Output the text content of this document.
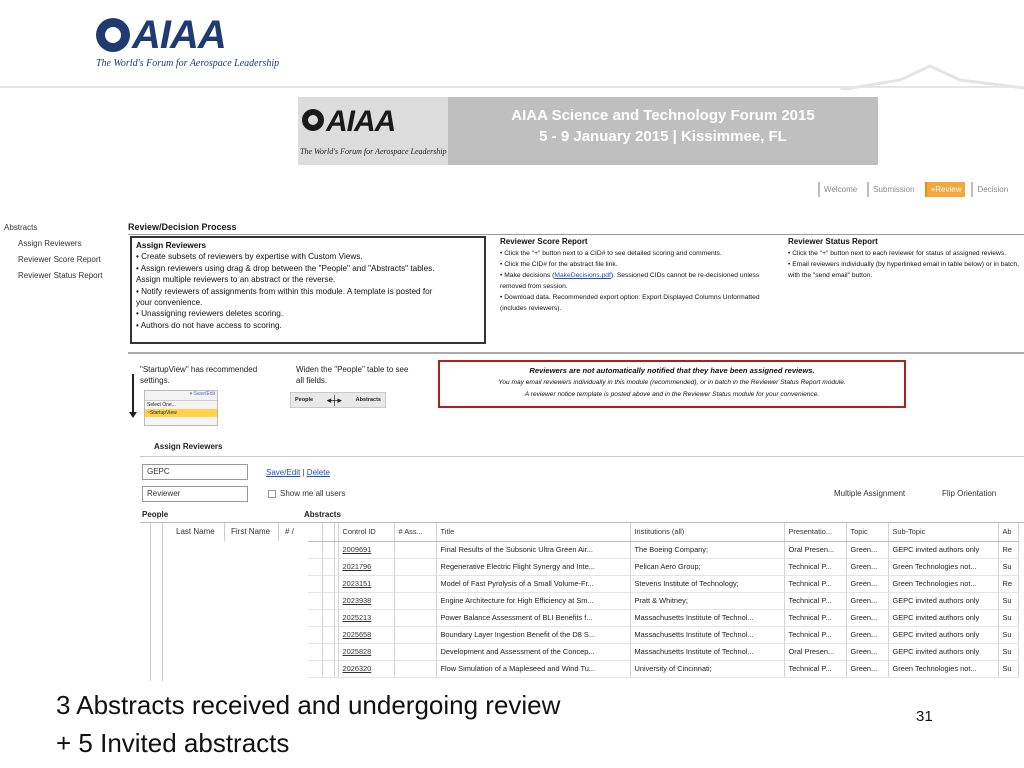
AIAA
The World's Forum for Aerospace Leadership
AIAA
The World's Forum for Aerospace Leadership
AIAA Science and Technology Forum 2015
5 - 9 January 2015 | Kissimmee, FL
Welcome	Submission	+Review	Decision
Abstracts
Assign Reviewers
Reviewer Score Report
Reviewer Status Report
Review/Decision Process
Assign Reviewers
• Create subsets of reviewers by expertise with Custom Views.
• Assign reviewers using drag & drop between the "People" and "Abstracts" tables.
Assign multiple reviewers to an abstract or the reverse.
• Notify reviewers of assignments from within this module. A template is posted for
your convenience.
• Unassigning reviewers deletes scoring.
• Authors do not have access to scoring.
Reviewer Score Report
• Click the "+" button next to a CID# to see detailed scoring and comments.
• Click the CID# for the abstract file link.
• Make decisions (MakeDecisions.pdf). Sessioned CIDs cannot be re-decisioned unless removed from session.
• Download data. Recommended export option: Export Displayed Columns Unformatted (includes reviewers).
Reviewer Status Report
• Click the "+" button next to each reviewer for status of assigned reviews.
• Email reviewers individually (by hyperlinked email in table below) or in batch, with the "send email" button.
"StartupView" has recommended settings.
▾ Save/Edit
Select One...
~StartupView
Widen the "People" table to see all fields.
People ◂┼▸ Abstracts
Reviewers are not automatically notified that they have been assigned reviews.
You may email reviewers individually in this module (recommended), or in batch in the Reviewer Status Report module.
A reviewer notice template is posted above and in the Reviewer Status module for your convenience.
Assign Reviewers
GEPC	Save/Edit | Delete
Reviewer	Show me all users	Multiple Assignment	Flip Orientation
People	Abstracts
Last Name First Name # /
				Control ID	# Ass...	Title	Institutions (all)	Presentatio...	Topic	Sub-Topic	Ab
			2009691		Final Results of the Subsonic Ultra Green Air...	The Boeing Company;	Oral Presen...	Green...	GEPC invited authors only	Re
			2021796		Regenerative Electric Flight Synergy and Inte...	Pelican Aero Group;	Technical P...	Green...	Green Technologies not...	Su
			2023151		Model of Fast Pyrolysis of a Small Volume-Fr...	Stevens Institute of Technology;	Technical P...	Green...	Green Technologies not...	Re
			2023938		Engine Architecture for High Efficiency at Sm...	Pratt & Whitney;	Technical P...	Green...	GEPC invited authors only	Su
			2025213		Power Balance Assessment of BLI Benefits f...	Massachusetts Institute of Technol...	Technical P...	Green...	GEPC invited authors only	Su
			2025658		Boundary Layer Ingestion Benefit of the D8 S...	Massachusetts Institute of Technol...	Technical P...	Green...	GEPC invited authors only	Su
			2025828		Development and Assessment of the Concep...	Massachusetts Institute of Technol...	Oral Presen...	Green...	GEPC invited authors only	Su
			2026320		Flow Simulation of a Mapleseed and Wind Tu...	University of Cincinnati;	Technical P...	Green...	Green Technologies not...	Su
3 Abstracts received and undergoing review
+ 5 Invited abstracts
31
